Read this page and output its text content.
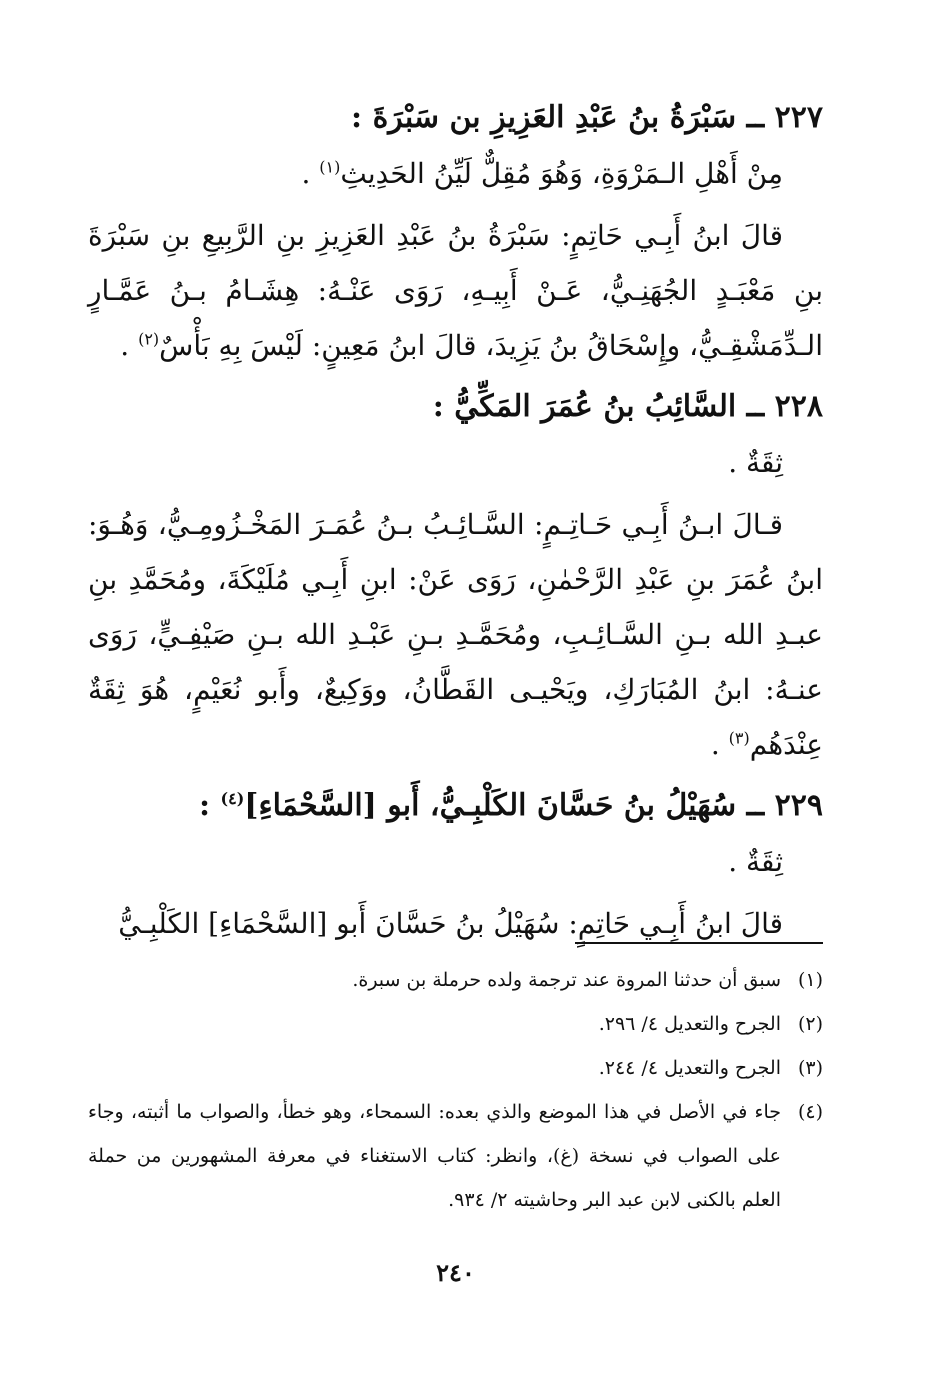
٢٢٧ ــ سَبْرَةُ بنُ عَبْدِ العَزِيزِ بن سَبْرَةَ :
مِنْ أَهْلِ الـمَرْوَةِ، وَهُوَ مُقِلٌّ لَيِّنُ الحَدِيثِ$^{(١)}$ .
قالَ ابنُ أَبِـي حَاتِمٍ: سَبْرَةُ بنُ عَبْدِ العَزِيزِ بنِ الرَّبِيعِ بنِ سَبْرَةَ بنِ مَعْبَـدٍ الجُهَنِـيُّ، عَـنْ أَبِيـهِ، رَوَى عَنْـهُ: هِشَـامُ بـنُ عَمَّـارٍ الـدِّمَشْقِـيُّ، وإِسْحَاقُ بنُ يَزِيدَ، قالَ ابنُ مَعِينٍ: لَيْسَ بِهِ بَأْسٌ$^{(٢)}$ .
٢٢٨ ــ السَّائِبُ بنُ عُمَرَ المَكِّيُّ :
ثِقَةٌ .
قـالَ ابـنُ أَبِـي حَـاتِـمٍ: السَّـائِـبُ بـنُ عُمَـرَ المَخْـزُومِـيُّ، وَهُـوَ: ابنُ عُمَرَ بنِ عَبْدِ الرَّحْمٰنِ، رَوَى عَنْ: ابنِ أَبِـي مُلَيْكَةَ، ومُحَمَّدِ بنِ عبـدِ الله بـنِ السَّـائِـبِ، ومُحَمَّـدِ بـنِ عَبْـدِ الله بـنِ صَيْفِـيٍّ، رَوَى عنـهُ: ابنُ المُبَارَكِ، ويَحْيـى القَطَّانُ، ووَكِيعٌ، وأَبو نُعَيْمٍ، هُوَ ثِقَةٌ عِنْدَهُم$^{(٣)}$ .
٢٢٩ ــ سُهَيْلُ بنُ حَسَّانَ الكَلْبِـيُّ، أَبو [السَّحْمَاءِ]$^{(٤)}$ :
ثِقَةٌ .
قالَ ابنُ أَبِـي حَاتِمٍ: سُهَيْلُ بنُ حَسَّانَ أَبو [السَّحْمَاءِ] الكَلْبِـيُّ
(١)
سبق أن حدثنا المروة عند ترجمة ولده حرملة بن سبرة.
(٢)
الجرح والتعديل ٤/ ٢٩٦.
(٣)
الجرح والتعديل ٤/ ٢٤٤.
(٤)
جاء في الأصل في هذا الموضع والذي بعده: السمحاء، وهو خطأ، والصواب ما أثبته، وجاء على الصواب في نسخة (غ)، وانظر: كتاب الاستغناء في معرفة المشهورين من حملة العلم بالكنى لابن عبد البر وحاشيته ٢/ ٩٣٤.
٢٤٠
